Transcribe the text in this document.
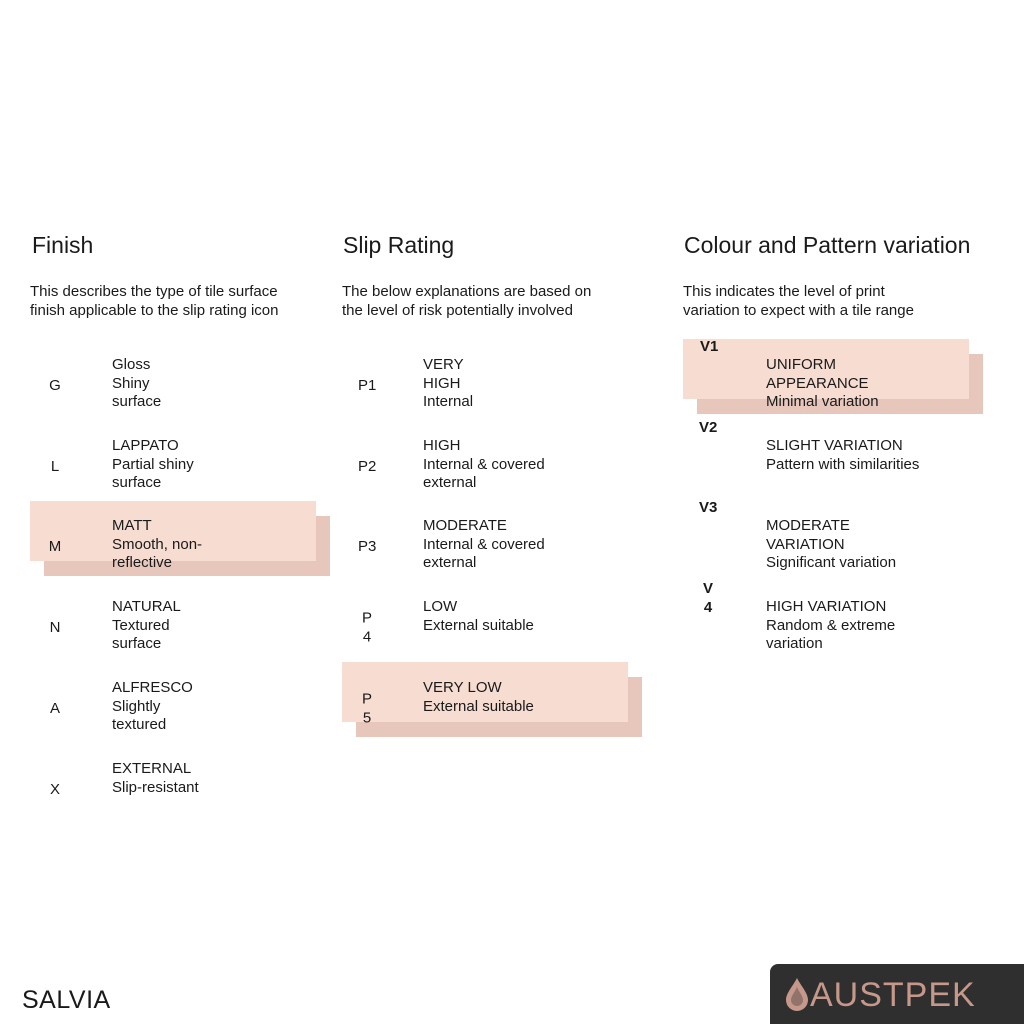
Finish
This describes the type of tile surface
finish applicable to the slip rating icon
G
Gloss
Shiny
surface
L
LAPPATO
Partial shiny
surface
M
MATT
Smooth, non-
reflective
N
NATURAL
Textured
surface
A
ALFRESCO
Slightly
textured
X
EXTERNAL
Slip-resistant
Slip Rating
The below explanations are based on
the level of risk potentially involved
P1
VERY
HIGH
Internal
P2
HIGH
Internal & covered
external
P3
MODERATE
Internal & covered
external
P
4
LOW
External suitable
P
5
VERY LOW
External suitable
Colour and Pattern variation
This indicates the level of print
variation to expect with a tile range
V1
UNIFORM
APPEARANCE
Minimal variation
V2
SLIGHT VARIATION
Pattern with similarities
V3
MODERATE
VARIATION
Significant variation
V
4	HIGH VARIATION
Random & extreme
variation
SALVIA	AUSTPEK
